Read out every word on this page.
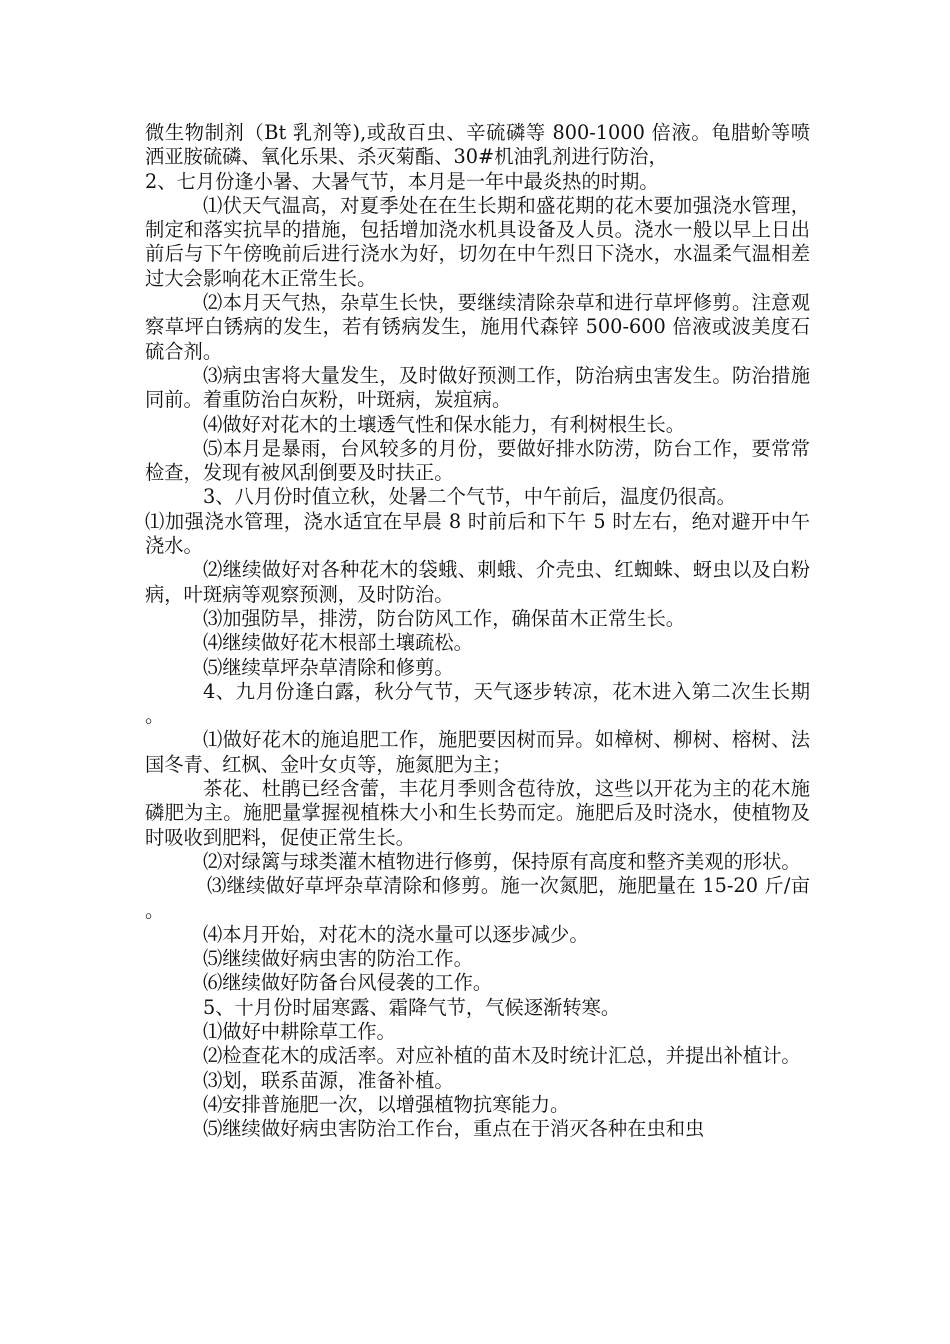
微生物制剂（Bt 乳剂等),或敌百虫、辛硫磷等 800-1000 倍液。龟腊蚧等喷洒亚胺硫磷、氧化乐果、杀灭菊酯、30#机油乳剂进行防治，

2、七月份逢小暑、大暑气节，本月是一年中最炎热的时期。

⑴伏天气温高，对夏季处在在生长期和盛花期的花木要加强浇水管理，制定和落实抗旱的措施，包括增加浇水机具设备及人员。浇水一般以早上日出前后与下午傍晚前后进行浇水为好，切勿在中午烈日下浇水，水温柔气温相差过大会影响花木正常生长。

⑵本月天气热，杂草生长快，要继续清除杂草和进行草坪修剪。注意观察草坪白锈病的发生，若有锈病发生，施用代森锌 500-600 倍液或波美度石硫合剂。

⑶病虫害将大量发生，及时做好预测工作，防治病虫害发生。防治措施同前。着重防治白灰粉，叶斑病，炭疽病。

⑷做好对花木的土壤透气性和保水能力，有利树根生长。

⑸本月是暴雨，台风较多的月份，要做好排水防涝，防台工作，要常常检查，发现有被风刮倒要及时扶正。

3、八月份时值立秋，处暑二个气节，中午前后，温度仍很高。

⑴加强浇水管理，浇水适宜在早晨 8 时前后和下午 5 时左右，绝对避开中午浇水。

⑵继续做好对各种花木的袋蛾、刺蛾、介壳虫、红蜘蛛、蚜虫以及白粉病，叶斑病等观察预测，及时防治。

⑶加强防旱，排涝，防台防风工作，确保苗木正常生长。

⑷继续做好花木根部土壤疏松。

⑸继续草坪杂草清除和修剪。

4、九月份逢白露，秋分气节，天气逐步转凉，花木进入第二次生长期。

⑴做好花木的施追肥工作，施肥要因树而异。如樟树、柳树、榕树、法国冬青、红枫、金叶女贞等，施氮肥为主；

茶花、杜鹃已经含蕾，丰花月季则含苞待放，这些以开花为主的花木施磷肥为主。施肥量掌握视植株大小和生长势而定。施肥后及时浇水，使植物及时吸收到肥料，促使正常生长。

⑵对绿篱与球类灌木植物进行修剪，保持原有高度和整齐美观的形状。

⑶继续做好草坪杂草清除和修剪。施一次氮肥，施肥量在 15-20 斤/亩。

⑷本月开始，对花木的浇水量可以逐步减少。

⑸继续做好病虫害的防治工作。

⑹继续做好防备台风侵袭的工作。

5、十月份时届寒露、霜降气节，气候逐渐转寒。

⑴做好中耕除草工作。

⑵检查花木的成活率。对应补植的苗木及时统计汇总，并提出补植计。

⑶划，联系苗源，准备补植。

⑷安排普施肥一次，以增强植物抗寒能力。

⑸继续做好病虫害防治工作台，重点在于消灭各种在虫和虫
